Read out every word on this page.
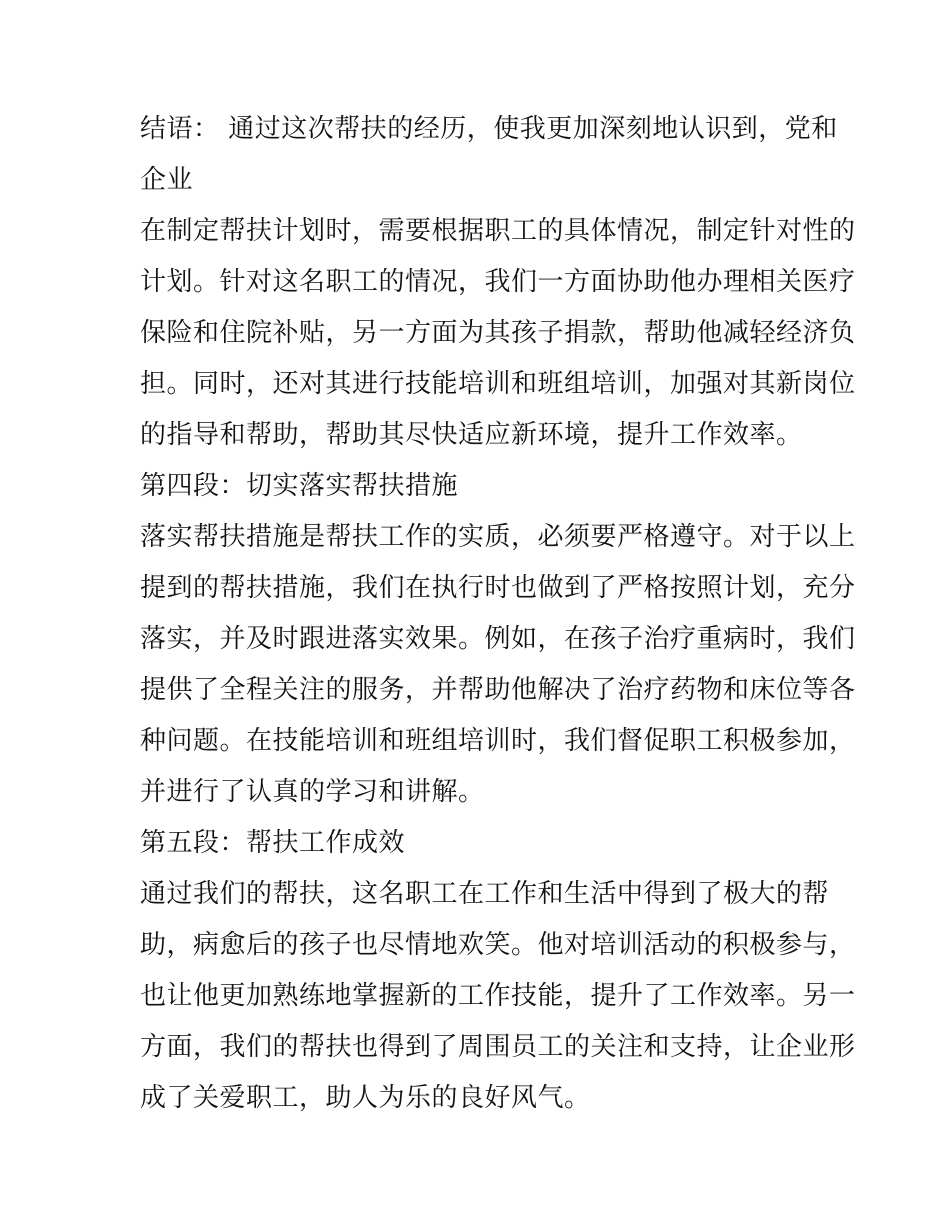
结语： 通过这次帮扶的经历，使我更加深刻地认识到，党和
企业
在制定帮扶计划时，需要根据职工的具体情况，制定针对性的
计划。针对这名职工的情况，我们一方面协助他办理相关医疗
保险和住院补贴，另一方面为其孩子捐款，帮助他减轻经济负
担。同时，还对其进行技能培训和班组培训，加强对其新岗位
的指导和帮助，帮助其尽快适应新环境，提升工作效率。
第四段：切实落实帮扶措施
落实帮扶措施是帮扶工作的实质，必须要严格遵守。对于以上
提到的帮扶措施，我们在执行时也做到了严格按照计划，充分
落实，并及时跟进落实效果。例如，在孩子治疗重病时，我们
提供了全程关注的服务，并帮助他解决了治疗药物和床位等各
种问题。在技能培训和班组培训时，我们督促职工积极参加，
并进行了认真的学习和讲解。
第五段：帮扶工作成效
通过我们的帮扶，这名职工在工作和生活中得到了极大的帮
助，病愈后的孩子也尽情地欢笑。他对培训活动的积极参与，
也让他更加熟练地掌握新的工作技能，提升了工作效率。另一
方面，我们的帮扶也得到了周围员工的关注和支持，让企业形
成了关爱职工，助人为乐的良好风气。
